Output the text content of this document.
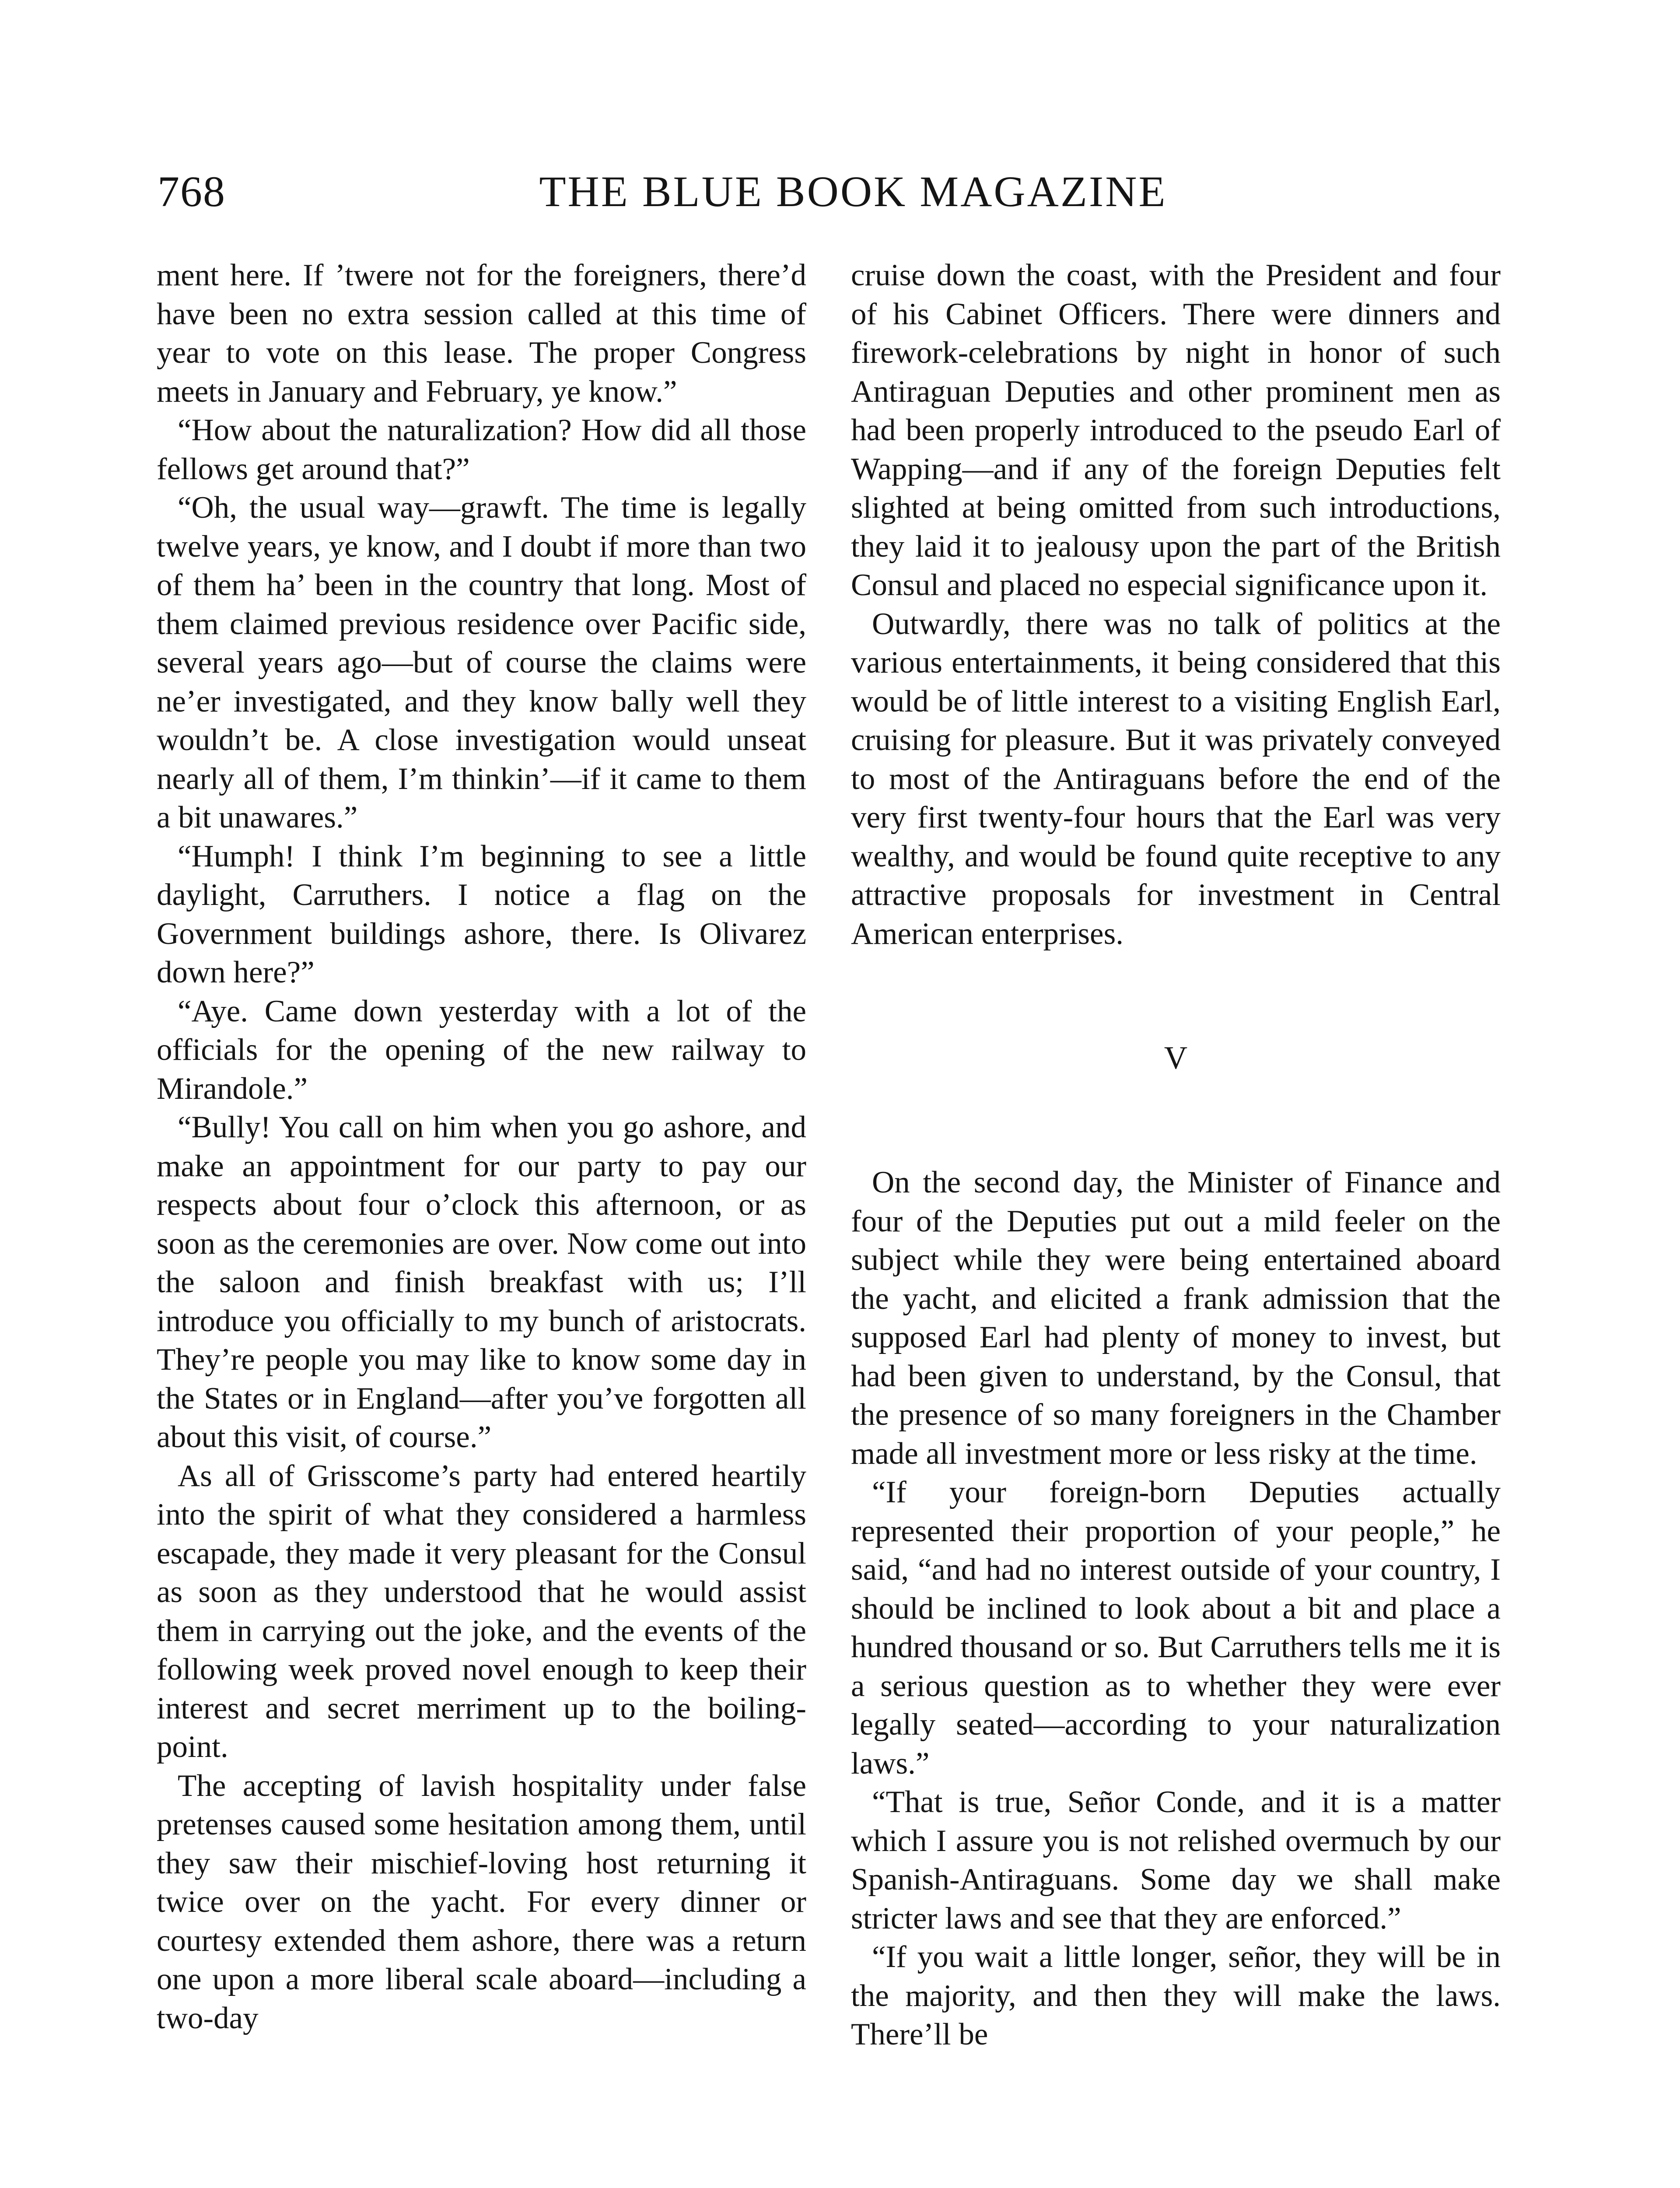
768	THE BLUE BOOK MAGAZINE

ment here. If ’twere not for the foreigners, there’d have been no extra session called at this time of year to vote on this lease. The proper Congress meets in January and February, ye know.”

“How about the naturalization? How did all those fellows get around that?”

“Oh, the usual way—grawft. The time is legally twelve years, ye know, and I doubt if more than two of them ha’ been in the country that long. Most of them claimed previous residence over Pacific side, several years ago—but of course the claims were ne’er investigated, and they know bally well they wouldn’t be. A close investigation would unseat nearly all of them, I’m thinkin’—if it came to them a bit unawares.”

“Humph! I think I’m beginning to see a little daylight, Carruthers. I notice a flag on the Government buildings ashore, there. Is Olivarez down here?”

“Aye. Came down yesterday with a lot of the officials for the opening of the new railway to Mirandole.”

“Bully! You call on him when you go ashore, and make an appointment for our party to pay our respects about four o’clock this afternoon, or as soon as the ceremonies are over. Now come out into the saloon and finish breakfast with us; I’ll introduce you officially to my bunch of aristocrats. They’re people you may like to know some day in the States or in England—after you’ve forgotten all about this visit, of course.”

As all of Grisscome’s party had entered heartily into the spirit of what they considered a harmless escapade, they made it very pleasant for the Consul as soon as they understood that he would assist them in carrying out the joke, and the events of the following week proved novel enough to keep their interest and secret merriment up to the boiling-point.

The accepting of lavish hospitality under false pretenses caused some hesitation among them, until they saw their mischief-loving host returning it twice over on the yacht. For every dinner or courtesy extended them ashore, there was a return one upon a more liberal scale aboard—including a two-day

cruise down the coast, with the President and four of his Cabinet Officers. There were dinners and firework-celebrations by night in honor of such Antiraguan Deputies and other prominent men as had been properly introduced to the pseudo Earl of Wapping—and if any of the foreign Deputies felt slighted at being omitted from such introductions, they laid it to jealousy upon the part of the British Consul and placed no especial significance upon it.

Outwardly, there was no talk of politics at the various entertainments, it being considered that this would be of little interest to a visiting English Earl, cruising for pleasure. But it was privately conveyed to most of the Antiraguans before the end of the very first twenty-four hours that the Earl was very wealthy, and would be found quite receptive to any attractive proposals for investment in Central American enterprises.

V

On the second day, the Minister of Finance and four of the Deputies put out a mild feeler on the subject while they were being entertained aboard the yacht, and elicited a frank admission that the supposed Earl had plenty of money to invest, but had been given to understand, by the Consul, that the presence of so many foreigners in the Chamber made all investment more or less risky at the time.

“If your foreign-born Deputies actually represented their proportion of your people,” he said, “and had no interest outside of your country, I should be inclined to look about a bit and place a hundred thousand or so. But Carruthers tells me it is a serious question as to whether they were ever legally seated—according to your naturalization laws.”

“That is true, Señor Conde, and it is a matter which I assure you is not relished overmuch by our Spanish-Antiraguans. Some day we shall make stricter laws and see that they are enforced.”

“If you wait a little longer, señor, they will be in the majority, and then they will make the laws. There’ll be
